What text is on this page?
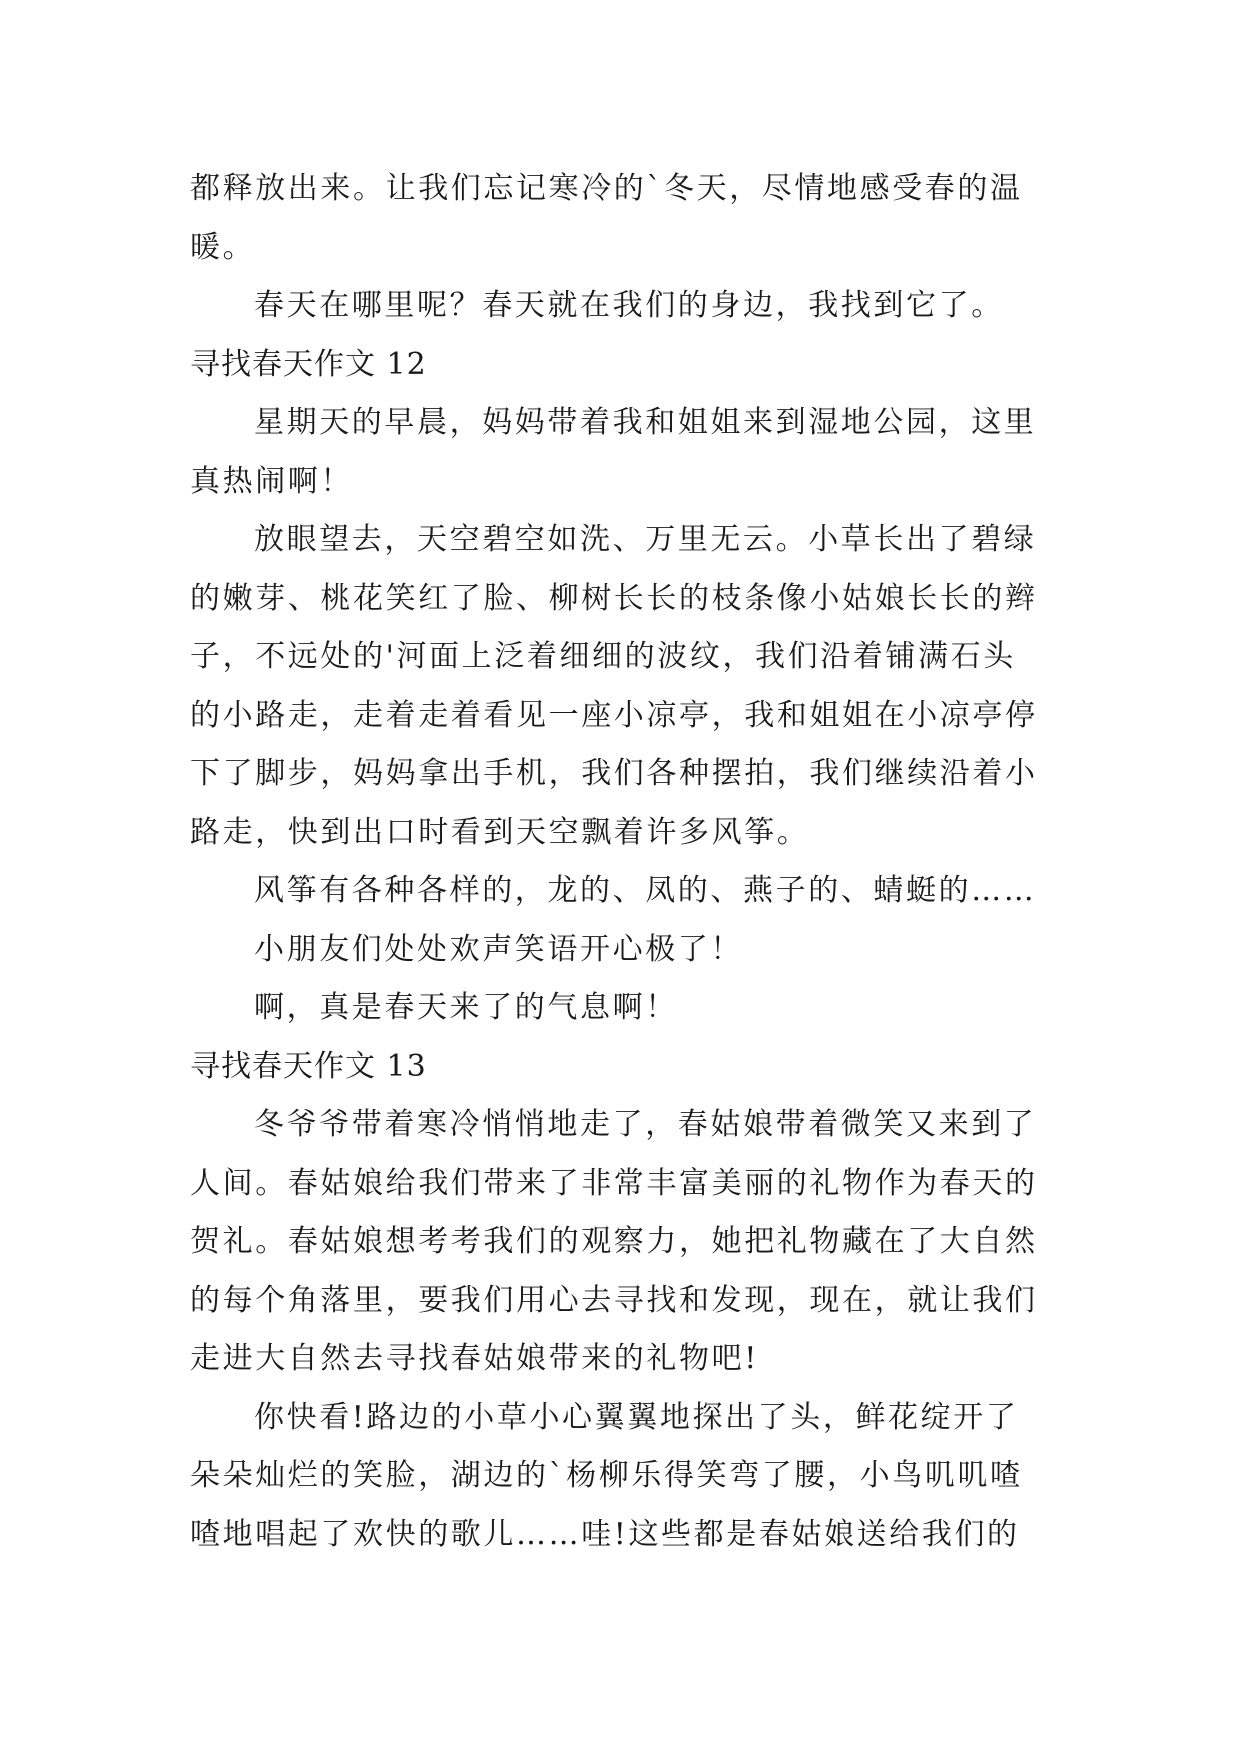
都释放出来。让我们忘记寒冷的`冬天，尽情地感受春的温
暖。
春天在哪里呢？春天就在我们的身边，我找到它了。
寻找春天作文 12
星期天的早晨，妈妈带着我和姐姐来到湿地公园，这里
真热闹啊！
放眼望去，天空碧空如洗、万里无云。小草长出了碧绿
的嫩芽、桃花笑红了脸、柳树长长的枝条像小姑娘长长的辫
子，不远处的'河面上泛着细细的波纹，我们沿着铺满石头
的小路走，走着走着看见一座小凉亭，我和姐姐在小凉亭停
下了脚步，妈妈拿出手机，我们各种摆拍，我们继续沿着小
路走，快到出口时看到天空飘着许多风筝。
风筝有各种各样的，龙的、凤的、燕子的、蜻蜓的……
小朋友们处处欢声笑语开心极了！
啊，真是春天来了的气息啊！
寻找春天作文 13
冬爷爷带着寒冷悄悄地走了，春姑娘带着微笑又来到了
人间。春姑娘给我们带来了非常丰富美丽的礼物作为春天的
贺礼。春姑娘想考考我们的观察力，她把礼物藏在了大自然
的每个角落里，要我们用心去寻找和发现，现在，就让我们
走进大自然去寻找春姑娘带来的礼物吧!
你快看!路边的小草小心翼翼地探出了头，鲜花绽开了
朵朵灿烂的笑脸，湖边的`杨柳乐得笑弯了腰，小鸟叽叽喳
喳地唱起了欢快的歌儿……哇!这些都是春姑娘送给我们的
